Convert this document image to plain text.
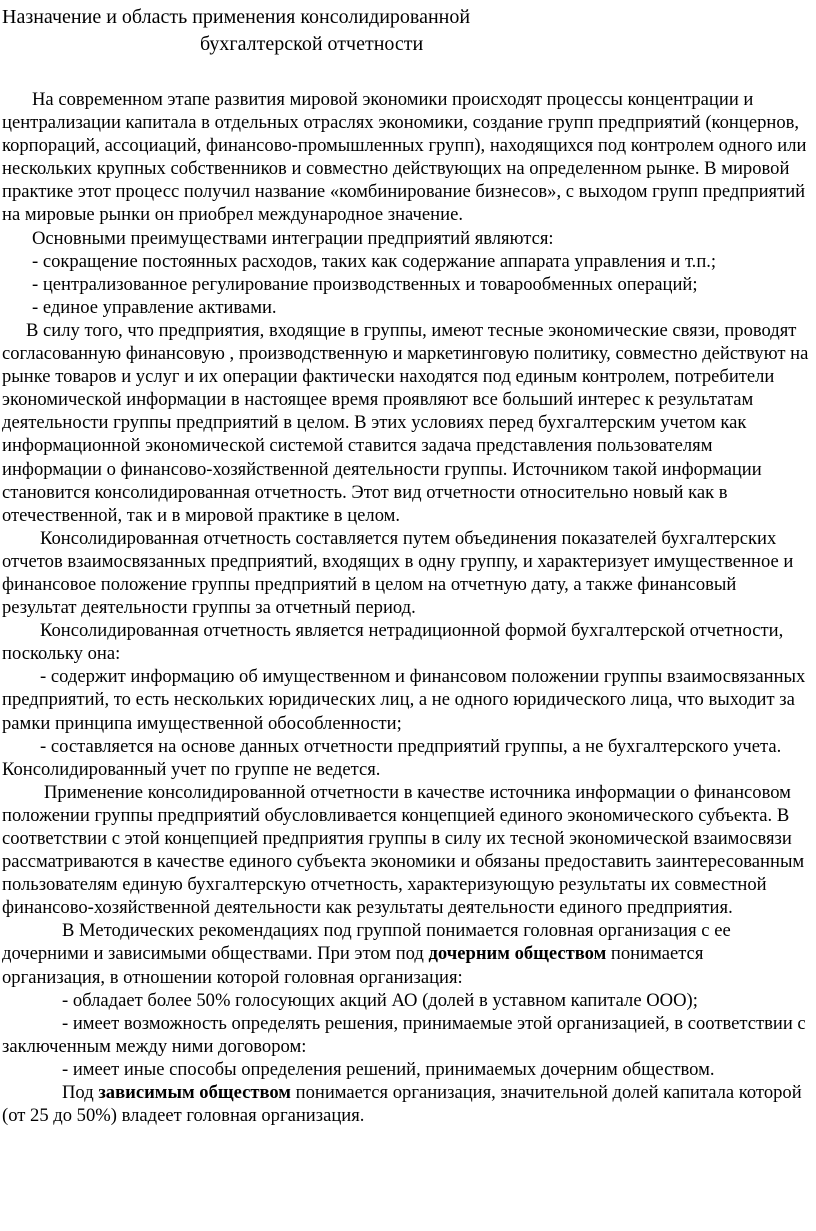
Назначение и область применения консолидированной
бухгалтерской отчетности

На современном этапе развития мировой экономики происходят процессы концентрации и централизации капитала в отдельных отраслях экономики, создание групп предприятий (концернов, корпораций, ассоциаций, финансово-промышленных групп), находящихся под контролем одного или нескольких крупных собственников и совместно действующих на определенном рынке. В мировой практике этот процесс получил название «комбинирование бизнесов», с выходом групп предприятий на мировые рынки он приобрел международное значение.

Основными преимуществами интеграции предприятий являются:

- сокращение постоянных расходов, таких как содержание аппарата управления и т.п.;

- централизованное регулирование производственных и товарообменных операций;

- единое управление активами.

В силу того, что предприятия, входящие в группы, имеют тесные экономические связи, проводят согласованную финансовую , производственную и маркетинговую политику, совместно действуют на рынке товаров и услуг и их операции фактически находятся под единым контролем, потребители экономической информации в настоящее время проявляют все больший интерес к результатам деятельности группы предприятий в целом. В этих условиях перед бухгалтерским учетом как информационной экономической системой ставится задача представления пользователям информации о финансово-хозяйственной деятельности группы. Источником такой информации становится консолидированная отчетность. Этот вид отчетности относительно новый как в отечественной, так и в мировой практике в целом.

Консолидированная отчетность составляется путем объединения показателей бухгалтерских отчетов взаимосвязанных предприятий, входящих в одну группу, и характеризует имущественное и финансовое положение группы предприятий в целом на отчетную дату, а также финансовый результат деятельности группы за отчетный период.

Консолидированная отчетность является нетрадиционной формой бухгалтерской отчетности, поскольку она:

- содержит информацию об имущественном и финансовом положении группы взаимосвязанных предприятий, то есть нескольких юридических лиц, а не одного юридического лица, что выходит за рамки принципа имущественной обособленности;

- составляется на основе данных отчетности предприятий группы, а не бухгалтерского учета. Консолидированный учет по группе не ведется.

Применение консолидированной отчетности в качестве источника информации о финансовом положении группы предприятий обусловливается концепцией единого экономического субъекта. В соответствии с этой концепцией предприятия группы в силу их тесной экономической взаимосвязи рассматриваются в качестве единого субъекта экономики и обязаны предоставить заинтересованным пользователям единую бухгалтерскую отчетность, характеризующую результаты их совместной финансово-хозяйственной деятельности как результаты деятельности единого предприятия.

В Методических рекомендациях под группой понимается головная организация с ее дочерними и зависимыми обществами. При этом под дочерним обществом понимается организация, в отношении которой головная организация:

- обладает более 50% голосующих акций АО (долей в уставном капитале ООО);

- имеет возможность определять решения, принимаемые этой организацией, в соответствии с заключенным между ними договором:

- имеет иные способы определения решений, принимаемых дочерним обществом.

Под зависимым обществом понимается организация, значительной долей капитала которой (от 25 до 50%) владеет головная организация.
